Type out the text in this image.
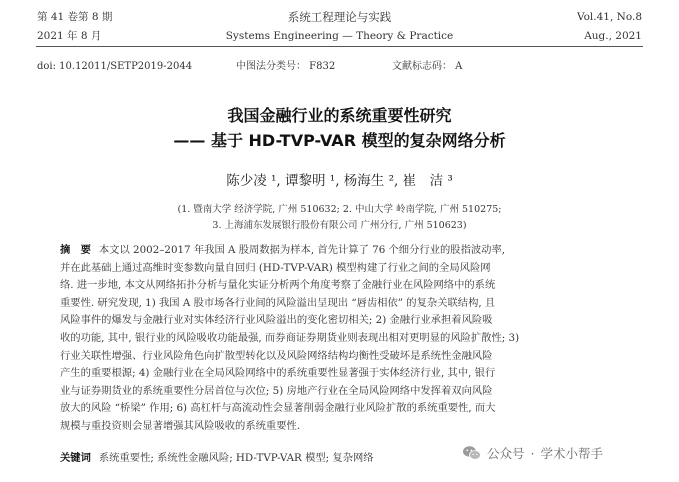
第 41 卷第 8 期	系统工程理论与实践	Vol.41, No.8
2021 年 8 月	Systems Engineering — Theory & Practice	Aug., 2021
doi: 10.12011/SETP2019-2044	中图法分类号： F832	文献标志码： A
我国金融行业的系统重要性研究
—— 基于 HD-TVP-VAR 模型的复杂网络分析
陈少凌 ¹, 谭黎明 ¹, 杨海生 ², 崔　洁 ³
(1. 暨南大学 经济学院, 广州 510632; 2. 中山大学 岭南学院, 广州 510275;
3. 上海浦东发展银行股份有限公司 广州分行, 广州 510623)
摘　要 本文以 2002–2017 年我国 A 股周数据为样本, 首先计算了 76 个细分行业的股指波动率,
并在此基础上通过高维时变参数向量自回归 (HD-TVP-VAR) 模型构建了行业之间的全局风险网
络. 进一步地, 本文从网络拓扑分析与量化实证分析两个角度考察了金融行业在风险网络中的系统
重要性. 研究发现, 1) 我国 A 股市场各行业间的风险溢出呈现出 “唇齿相依” 的复杂关联结构, 且
风险事件的爆发与金融行业对实体经济行业风险溢出的变化密切相关; 2) 金融行业承担着风险吸
收的功能, 其中, 银行业的风险吸收功能最强, 而券商证券期货业则表现出相对更明显的风险扩散性; 3)
行业关联性增强、行业风险角色向扩散型转化以及风险网络结构均衡性受破坏是系统性金融风险
产生的重要根源; 4) 金融行业在全局风险网络中的系统重要性显著强于实体经济行业, 其中, 银行
业与证券期货业的系统重要性分居首位与次位; 5) 房地产行业在全局风险网络中发挥着双向风险
放大的风险 “桥梁” 作用; 6) 高杠杆与高流动性会显著削弱金融行业风险扩散的系统重要性, 而大
规模与重投资则会显著增强其风险吸收的系统重要性.
关键词 系统重要性; 系统性金融风险; HD-TVP-VAR 模型; 复杂网络	公众号 · 学术小帮手
